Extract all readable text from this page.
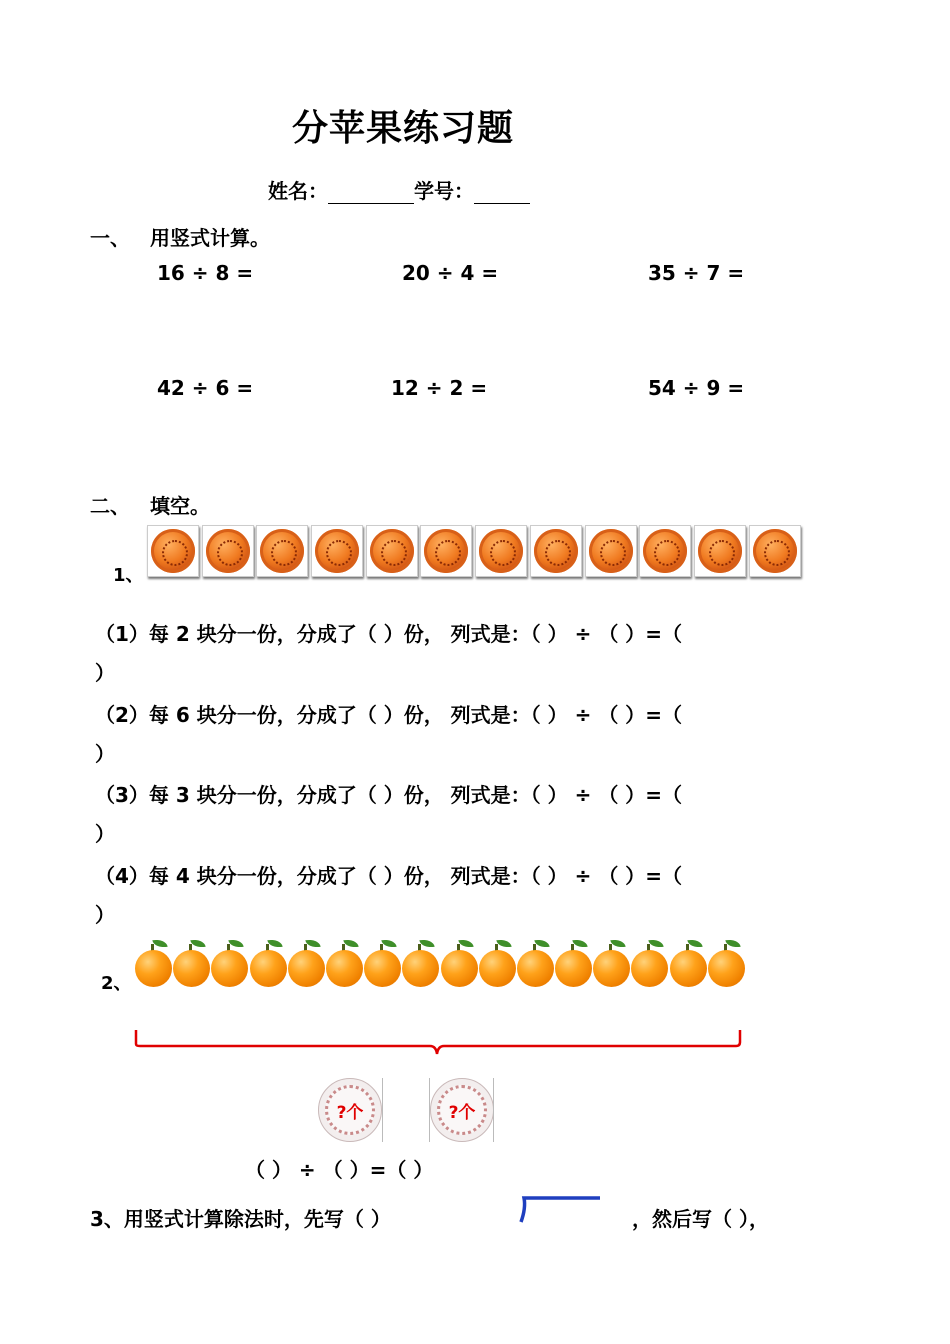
分苹果练习题
姓名：	学号：
一、 用竖式计算。
16 ÷ 8 =	20 ÷ 4 =	35 ÷ 7 =
42 ÷ 6 =	12 ÷ 2 =	54 ÷ 9 =
二、 填空。
1、
（1）每 2 块分一份，分成了（ ）份， 列式是：（ ） ÷ （ ）=（
）
（2）每 6 块分一份，分成了（ ）份， 列式是：（ ） ÷ （ ）=（
）
（3）每 3 块分一份，分成了（ ）份， 列式是：（ ） ÷ （ ）=（
）
（4）每 4 块分一份，分成了（ ）份， 列式是：（ ） ÷ （ ）=（
）
2、
?个	?个
（ ） ÷ （ ）=（ ）
3、用竖式计算除法时，先写（ ）	，然后写（ ），
